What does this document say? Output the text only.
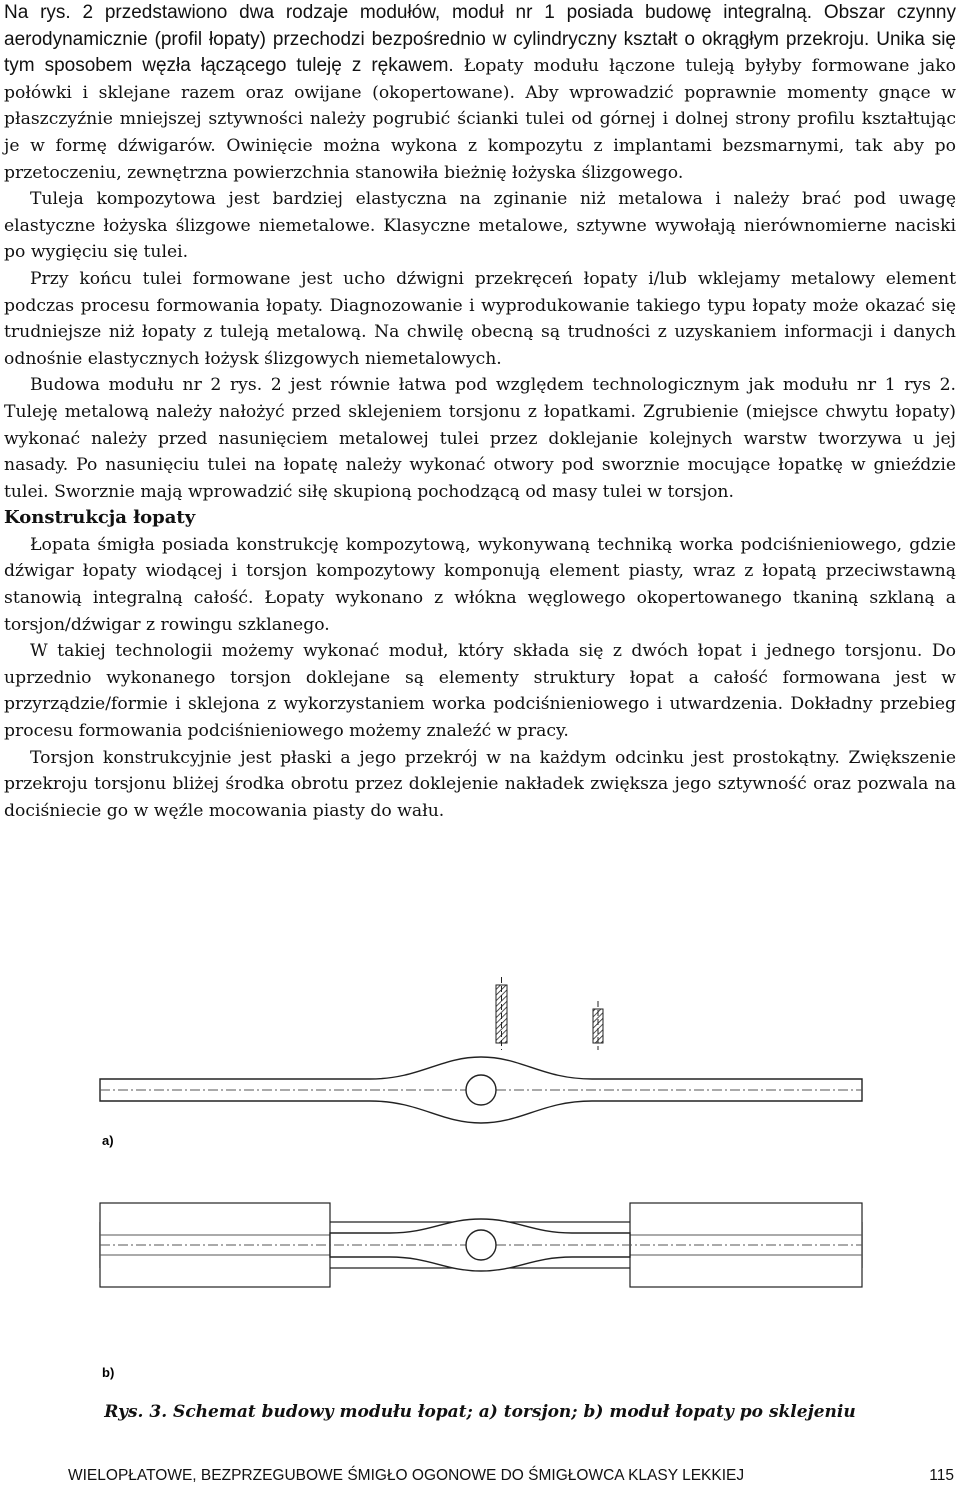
Na rys. 2 przedstawiono dwa rodzaje modułów, moduł nr 1 posiada budowę integralną. Obszar czynny aerodynamicznie (profil łopaty) przechodzi bezpośrednio w cylindryczny kształt o okrągłym przekroju. Unika się tym sposobem węzła łączącego tuleję z rękawem. Łopaty modułu łączone tuleją byłyby formowane jako połówki i sklejane razem oraz owijane (okopertowane). Aby wprowadzić poprawnie momenty gnące w płaszczyźnie mniejszej sztywności należy pogrubić ścianki tulei od górnej i dolnej strony profilu kształtując je w formę dźwigarów. Owinięcie można wykona z kompozytu z implantami bezsmarnymi, tak aby po przetoczeniu, zewnętrzna powierzchnia stanowiła bieżnię łożyska ślizgowego.

Tuleja kompozytowa jest bardziej elastyczna na zginanie niż metalowa i należy brać pod uwagę elastyczne łożyska ślizgowe niemetalowe. Klasyczne metalowe, sztywne wywołają nierównomierne naciski po wygięciu się tulei.

Przy końcu tulei formowane jest ucho dźwigni przekręceń łopaty i/lub wklejamy metalowy element podczas procesu formowania łopaty. Diagnozowanie i wyprodukowanie takiego typu łopaty może okazać się trudniejsze niż łopaty z tuleją metalową. Na chwilę obecną są trudności z uzyskaniem informacji i danych odnośnie elastycznych łożysk ślizgowych niemetalowych.

Budowa modułu nr 2 rys. 2 jest równie łatwa pod względem technologicznym jak modułu nr 1 rys 2. Tuleję metalową należy nałożyć przed sklejeniem torsjonu z łopatkami. Zgrubienie (miejsce chwytu łopaty) wykonać należy przed nasunięciem metalowej tulei przez doklejanie kolejnych warstw tworzywa u jej nasady. Po nasunięciu tulei na łopatę należy wykonać otwory pod sworznie mocujące łopatkę w gnieździe tulei. Sworznie mają wprowadzić siłę skupioną pochodzącą od masy tulei w torsjon.

Konstrukcja łopaty

Łopata śmigła posiada konstrukcję kompozytową, wykonywaną techniką worka podciśnieniowego, gdzie dźwigar łopaty wiodącej i torsjon kompozytowy komponują element piasty, wraz z łopatą przeciwstawną stanowią integralną całość. Łopaty wykonano z włókna węglowego okopertowanego tkaniną szklaną a torsjon/dźwigar z rowingu szklanego.

W takiej technologii możemy wykonać moduł, który składa się z dwóch łopat i jednego torsjonu. Do uprzednio wykonanego torsjon doklejane są elementy struktury łopat a całość formowana jest w przyrządzie/formie i sklejona z wykorzystaniem worka podciśnieniowego i utwardzenia. Dokładny przebieg procesu formowania podciśnieniowego możemy znaleźć w pracy.

Torsjon konstrukcyjnie jest płaski a jego przekrój w na każdym odcinku jest prostokątny. Zwiększenie przekroju torsjonu bliżej środka obrotu przez doklejenie nakładek zwiększa jego sztywność oraz pozwala na dociśniecie go w węźle mocowania piasty do wału.

a)
b)
Rys. 3. Schemat budowy modułu łopat; a) torsjon; b) moduł łopaty po sklejeniu
WIELOPŁATOWE, BEZPRZEGUBOWE ŚMIGŁO OGONOWE DO ŚMIGŁOWCA KLASY LEKKIEJ	115
